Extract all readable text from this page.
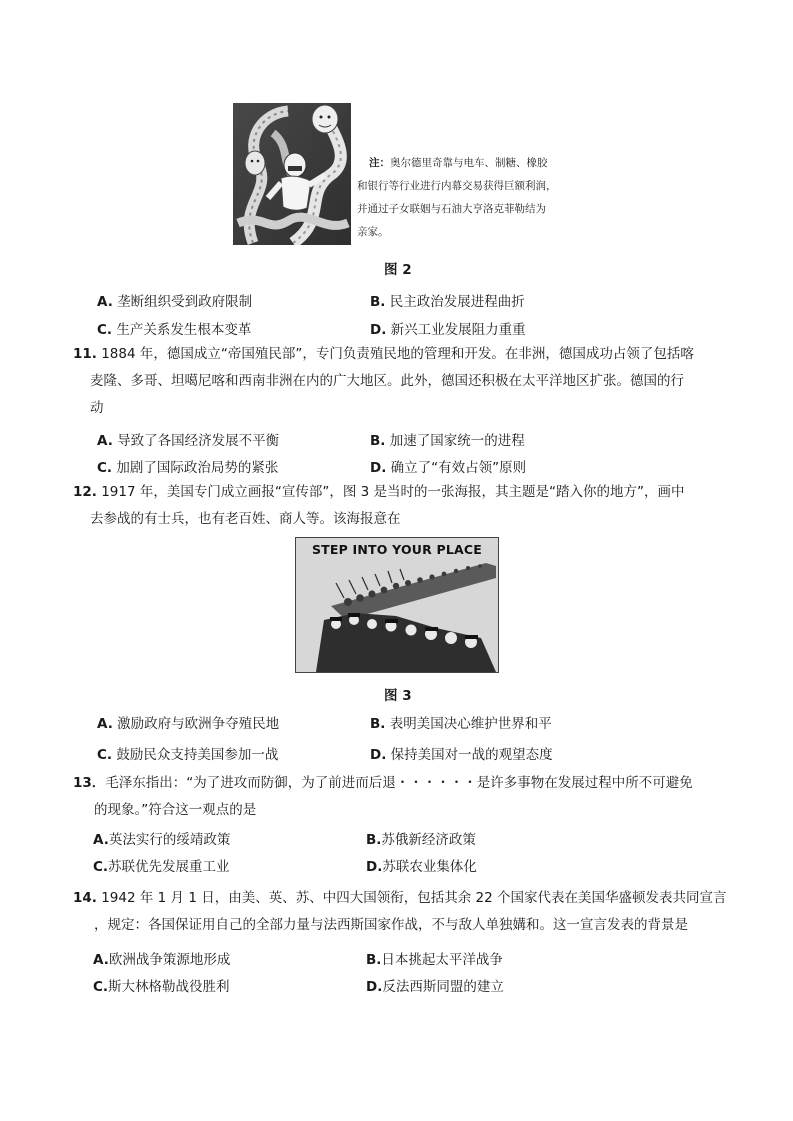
注：奥尔德里奇靠与电车、制糖、橡胶
和银行等行业进行内幕交易获得巨额利润，
并通过子女联姻与石油大亨洛克菲勒结为
亲家。
图 2
A. 垄断组织受到政府限制	B. 民主政治发展进程曲折
C. 生产关系发生根本变革	D. 新兴工业发展阻力重重
11. 1884 年，德国成立“帝国殖民部”，专门负责殖民地的管理和开发。在非洲，德国成功占领了包括喀
麦隆、多哥、坦噶尼喀和西南非洲在内的广大地区。此外，德国还积极在太平洋地区扩张。德国的行
动
A. 导致了各国经济发展不平衡	B. 加速了国家统一的进程
C. 加剧了国际政治局势的紧张	D. 确立了“有效占领”原则
12. 1917 年，美国专门成立画报“宣传部”，图 3 是当时的一张海报，其主题是“踏入你的地方”，画中
去参战的有士兵，也有老百姓、商人等。该海报意在
STEP INTO YOUR PLACE
图 3
A. 激励政府与欧洲争夺殖民地	B. 表明美国决心维护世界和平
C. 鼓励民众支持美国参加一战	D. 保持美国对一战的观望态度
13．毛泽东指出：“为了进攻而防御，为了前进而后退・・・・・・是许多事物在发展过程中所不可避免
的现象。”符合这一观点的是
A.英法实行的绥靖政策	B.苏俄新经济政策
C.苏联优先发展重工业	D.苏联农业集体化
14. 1942 年 1 月 1 日，由美、英、苏、中四大国领衔，包括其余 22 个国家代表在美国华盛顿发表共同宣言
，规定：各国保证用自己的全部力量与法西斯国家作战，不与敌人单独媾和。这一宣言发表的背景是
A.欧洲战争策源地形成	B.日本挑起太平洋战争
C.斯大林格勒战役胜利	D.反法西斯同盟的建立
